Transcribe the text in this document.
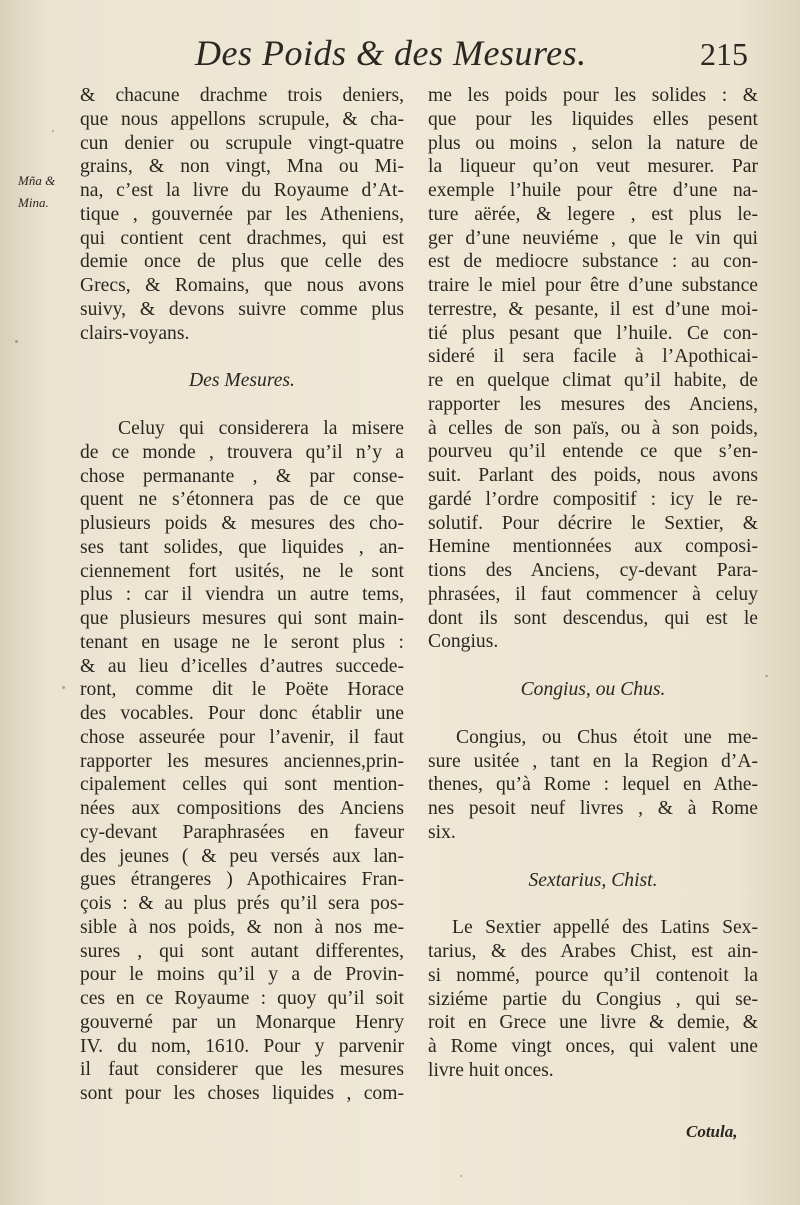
Des Poids & des Mesures.	215
Mña &
Mina.
& chacune drachme trois deniers,
que nous appellons scrupule, & cha-
cun denier ou scrupule vingt-quatre
grains, & non vingt, Mna ou Mi-
na, c’est la livre du Royaume d’At-
tique , gouvernée par les Atheniens,
qui contient cent drachmes, qui est
demie once de plus que celle des
Grecs, & Romains, que nous avons
suivy, & devons suivre comme plus
clairs-voyans.
Des Mesures.
Celuy qui considerera la misere
de ce monde , trouvera qu’il n’y a
chose permanante , & par conse-
quent ne s’étonnera pas de ce que
plusieurs poids & mesures des cho-
ses tant solides, que liquides , an-
ciennement fort usités, ne le sont
plus : car il viendra un autre tems,
que plusieurs mesures qui sont main-
tenant en usage ne le seront plus :
& au lieu d’icelles d’autres succede-
ront, comme dit le Poëte Horace
des vocables. Pour donc établir une
chose asseurée pour l’avenir, il faut
rapporter les mesures anciennes,prin-
cipalement celles qui sont mention-
nées aux compositions des Anciens
cy-devant Paraphrasées en faveur
des jeunes ( & peu versés aux lan-
gues étrangeres ) Apothicaires Fran-
çois : & au plus prés qu’il sera pos-
sible à nos poids, & non à nos me-
sures , qui sont autant differentes,
pour le moins qu’il y a de Provin-
ces en ce Royaume : quoy qu’il soit
gouverné par un Monarque Henry
IV. du nom, 1610. Pour y parvenir
il faut considerer que les mesures
sont pour les choses liquides , com-
me les poids pour les solides : &
que pour les liquides elles pesent
plus ou moins , selon la nature de
la liqueur qu’on veut mesurer. Par
exemple l’huile pour être d’une na-
ture aërée, & legere , est plus le-
ger d’une neuviéme , que le vin qui
est de mediocre substance : au con-
traire le miel pour être d’une substance
terrestre, & pesante, il est d’une moi-
tié plus pesant que l’huile. Ce con-
sideré il sera facile à l’Apothicai-
re en quelque climat qu’il habite, de
rapporter les mesures des Anciens,
à celles de son païs, ou à son poids,
pourveu qu’il entende ce que s’en-
suit. Parlant des poids, nous avons
gardé l’ordre compositif : icy le re-
solutif. Pour décrire le Sextier, &
Hemine mentionnées aux composi-
tions des Anciens, cy-devant Para-
phrasées, il faut commencer à celuy
dont ils sont descendus, qui est le
Congius.
Congius, ou Chus.
Congius, ou Chus étoit une me-
sure usitée , tant en la Region d’A-
thenes, qu’à Rome : lequel en Athe-
nes pesoit neuf livres , & à Rome
six.
Sextarius, Chist.
Le Sextier appellé des Latins Sex-
tarius, & des Arabes Chist, est ain-
si nommé, pource qu’il contenoit la
siziéme partie du Congius , qui se-
roit en Grece une livre & demie, &
à Rome vingt onces, qui valent une
livre huit onces.
Cotula,
